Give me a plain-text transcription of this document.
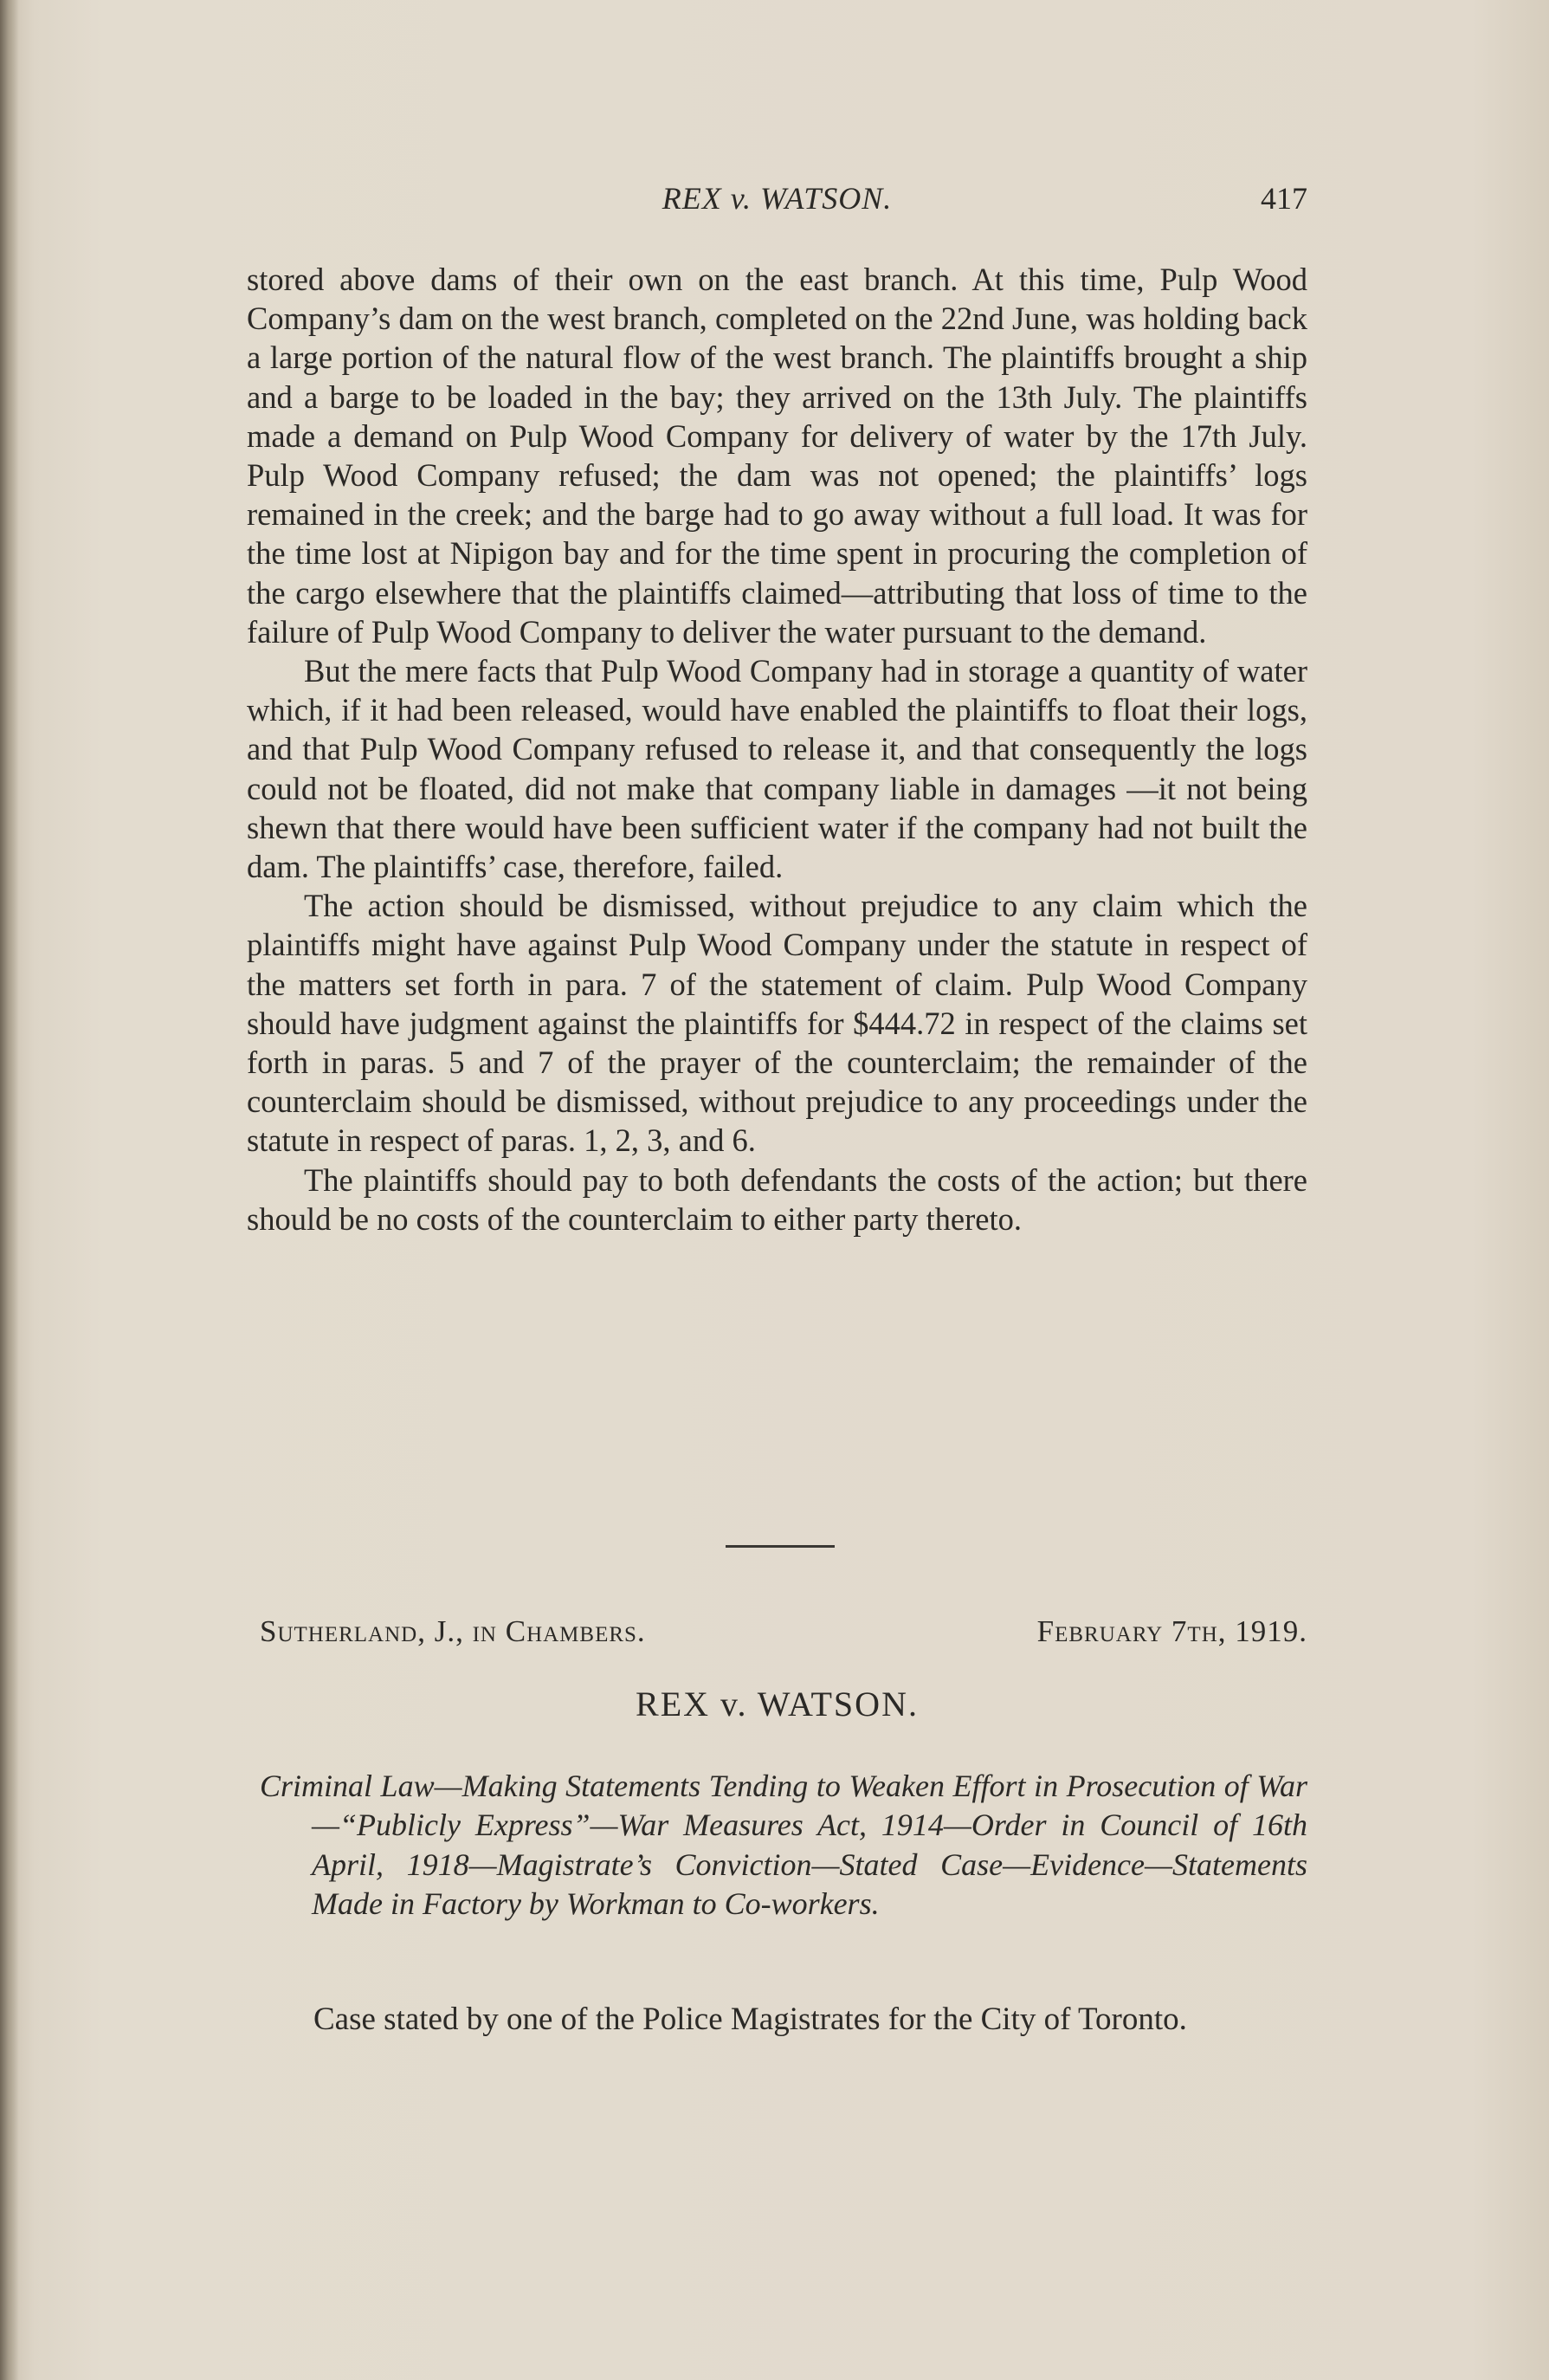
REX v. WATSON.	417

stored above dams of their own on the east branch. At this time, Pulp Wood Company’s dam on the west branch, completed on the 22nd June, was holding back a large portion of the natural flow of the west branch. The plaintiffs brought a ship and a barge to be loaded in the bay; they arrived on the 13th July. The plaintiffs made a demand on Pulp Wood Company for delivery of water by the 17th July. Pulp Wood Company refused; the dam was not opened; the plaintiffs’ logs remained in the creek; and the barge had to go away without a full load. It was for the time lost at Nipigon bay and for the time spent in procuring the completion of the cargo elsewhere that the plaintiffs claimed—attributing that loss of time to the failure of Pulp Wood Company to deliver the water pursuant to the demand.

But the mere facts that Pulp Wood Company had in storage a quantity of water which, if it had been released, would have enabled the plaintiffs to float their logs, and that Pulp Wood Company refused to release it, and that consequently the logs could not be floated, did not make that company liable in damages —it not being shewn that there would have been sufficient water if the company had not built the dam. The plaintiffs’ case, therefore, failed.

The action should be dismissed, without prejudice to any claim which the plaintiffs might have against Pulp Wood Company under the statute in respect of the matters set forth in para. 7 of the statement of claim. Pulp Wood Company should have judgment against the plaintiffs for $444.72 in respect of the claims set forth in paras. 5 and 7 of the prayer of the counterclaim; the remainder of the counterclaim should be dismissed, without prejudice to any proceedings under the statute in respect of paras. 1, 2, 3, and 6.

The plaintiffs should pay to both defendants the costs of the action; but there should be no costs of the counterclaim to either party thereto.

Sutherland, J., in Chambers.	February 7th, 1919.
REX v. WATSON.
Criminal Law—Making Statements Tending to Weaken Effort in Prosecution of War—“Publicly Express”—War Measures Act, 1914—Order in Council of 16th April, 1918—Magistrate’s Conviction—Stated Case—Evidence—Statements Made in Factory by Workman to Co-workers.
Case stated by one of the Police Magistrates for the City of Toronto.
